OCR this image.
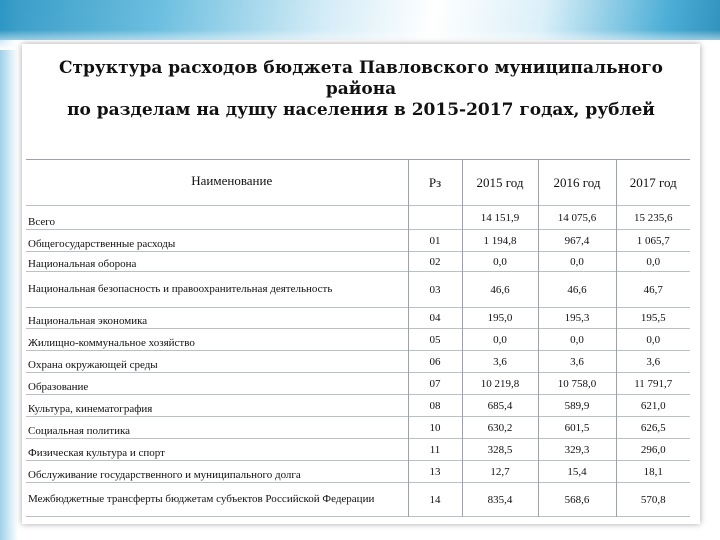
Структура расходов бюджета Павловского муниципального
района
по разделам на душу населения в 2015-2017 годах, рублей
Наименование	Рз	2015 год	2016 год	2017 год
Всего		14 151,9	14 075,6	15 235,6
Общегосударственные расходы	01	1 194,8	967,4	1 065,7
Национальная оборона	02	0,0	0,0	0,0
Национальная безопасность и правоохранительная деятельность	03	46,6	46,6	46,7
Национальная экономика	04	195,0	195,3	195,5
Жилищно-коммунальное хозяйство	05	0,0	0,0	0,0
Охрана окружающей среды	06	3,6	3,6	3,6
Образование	07	10 219,8	10 758,0	11 791,7
Культура, кинематография	08	685,4	589,9	621,0
Социальная политика	10	630,2	601,5	626,5
Физическая культура и спорт	11	328,5	329,3	296,0
Обслуживание государственного и муниципального долга	13	12,7	15,4	18,1
Межбюджетные трансферты бюджетам субъектов Российской Федерации	14	835,4	568,6	570,8
